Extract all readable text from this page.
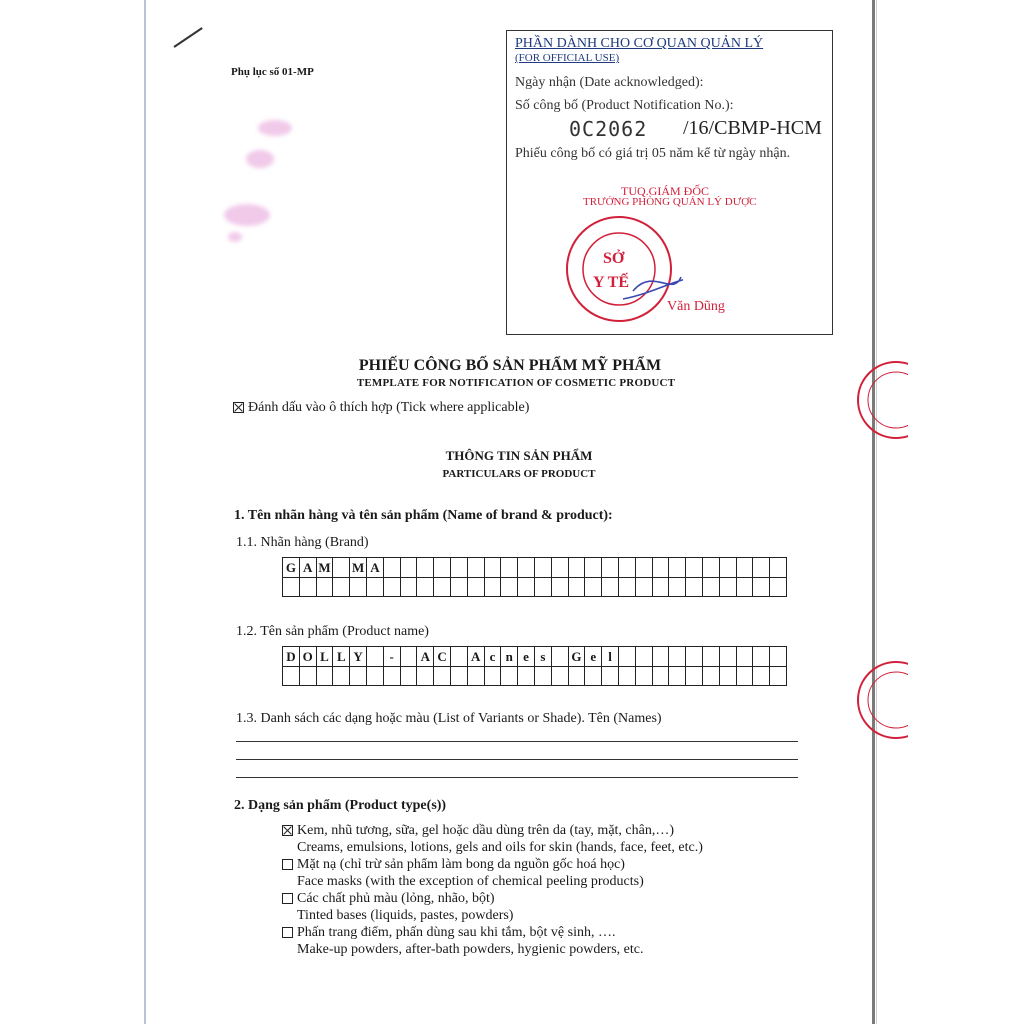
Phụ lục số 01-MP
PHẦN DÀNH CHO CƠ QUAN QUẢN LÝ
(FOR OFFICIAL USE)
Ngày nhận (Date acknowledged):
Số công bố (Product Notification No.):
0C2062 /16/CBMP-HCM
Phiếu công bố có giá trị 05 năm kể từ ngày nhận.
TUQ.GIÁM ĐỐC
TRƯỞNG PHÒNG QUẢN LÝ DƯỢC
SỞ
Y TẾ
Văn Dũng
PHIẾU CÔNG BỐ SẢN PHẨM MỸ PHẨM
TEMPLATE FOR NOTIFICATION OF COSMETIC PRODUCT
Đánh dấu vào ô thích hợp (Tick where applicable)
THÔNG TIN SẢN PHẨM
PARTICULARS OF PRODUCT
1. Tên nhãn hàng và tên sản phẩm (Name of brand & product):
1.1. Nhãn hàng (Brand)
G	A	M		M	A																								

1.2. Tên sản phẩm (Product name)
D	O	L	L	Y		-		A	C		A	c	n	e	s		G	e	l										

1.3. Danh sách các dạng hoặc màu (List of Variants or Shade). Tên (Names)
2. Dạng sản phẩm (Product type(s))
Kem, nhũ tương, sữa, gel hoặc dầu dùng trên da (tay, mặt, chân,…)
Creams, emulsions, lotions, gels and oils for skin (hands, face, feet, etc.)
Mặt nạ (chỉ trừ sản phẩm làm bong da nguồn gốc hoá học)
Face masks (with the exception of chemical peeling products)
Các chất phủ màu (lỏng, nhão, bột)
Tinted bases (liquids, pastes, powders)
Phấn trang điểm, phấn dùng sau khi tắm, bột vệ sinh, ….
Make-up powders, after-bath powders, hygienic powders, etc.
